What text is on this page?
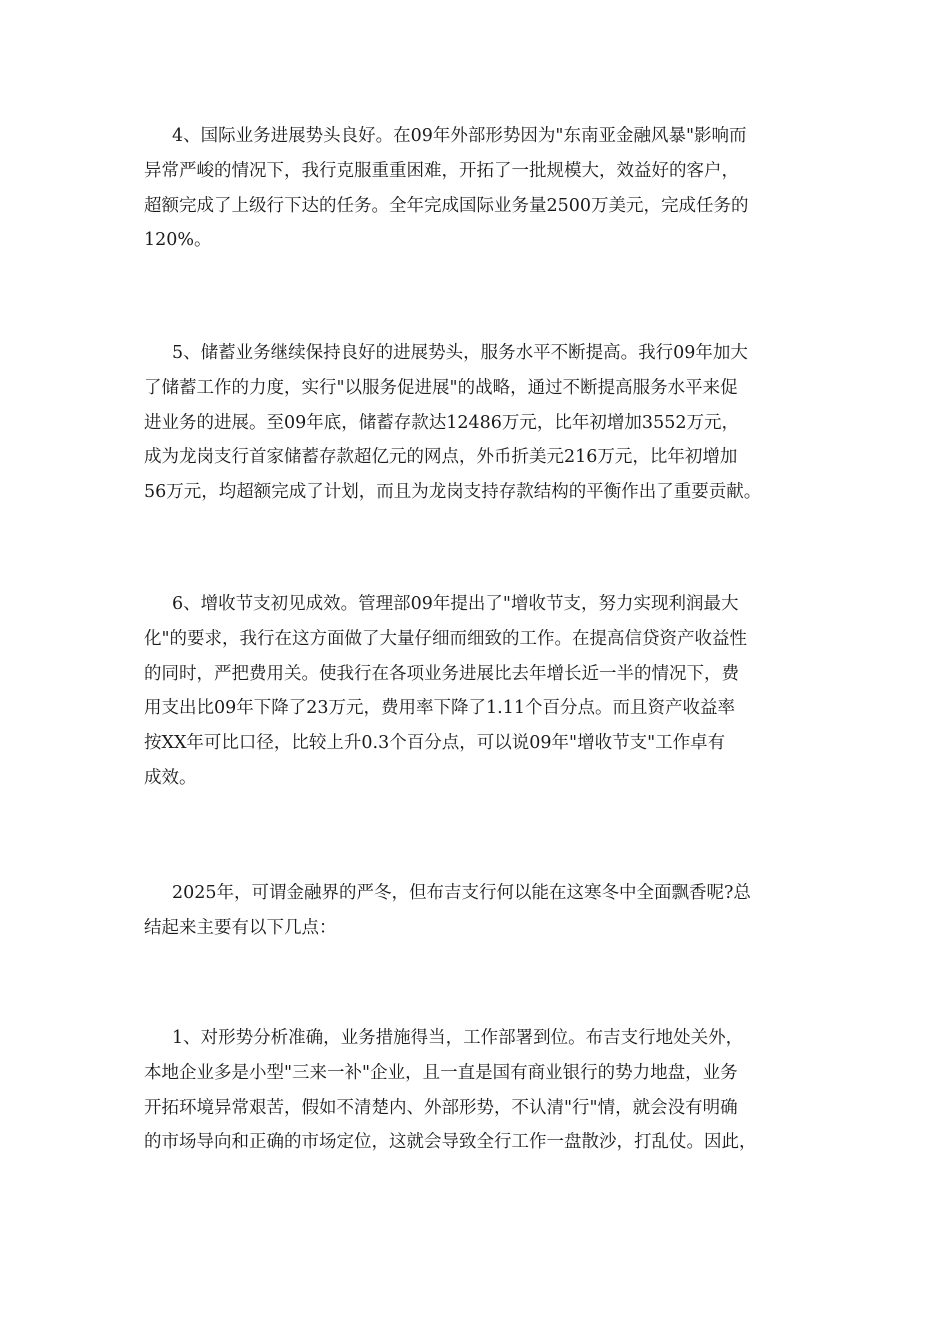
4、国际业务进展势头良好。在09年外部形势因为"东南亚金融风暴"影响而
异常严峻的情况下，我行克服重重困难，开拓了一批规模大，效益好的客户，
超额完成了上级行下达的任务。全年完成国际业务量2500万美元，完成任务的
120%。
5、储蓄业务继续保持良好的进展势头，服务水平不断提高。我行09年加大
了储蓄工作的力度，实行"以服务促进展"的战略，通过不断提高服务水平来促
进业务的进展。至09年底，储蓄存款达12486万元，比年初增加3552万元，
成为龙岗支行首家储蓄存款超亿元的网点，外币折美元216万元，比年初增加
56万元，均超额完成了计划，而且为龙岗支持存款结构的平衡作出了重要贡献。
6、增收节支初见成效。管理部09年提出了"增收节支，努力实现利润最大
化"的要求，我行在这方面做了大量仔细而细致的工作。在提高信贷资产收益性
的同时，严把费用关。使我行在各项业务进展比去年增长近一半的情况下，费
用支出比09年下降了23万元，费用率下降了1.11个百分点。而且资产收益率
按XX年可比口径，比较上升0.3个百分点，可以说09年"增收节支"工作卓有
成效。
2025年，可谓金融界的严冬，但布吉支行何以能在这寒冬中全面飘香呢?总
结起来主要有以下几点：
1、对形势分析准确，业务措施得当，工作部署到位。布吉支行地处关外，
本地企业多是小型"三来一补"企业，且一直是国有商业银行的势力地盘，业务
开拓环境异常艰苦，假如不清楚内、外部形势，不认清"行"情，就会没有明确
的市场导向和正确的市场定位，这就会导致全行工作一盘散沙，打乱仗。因此，
